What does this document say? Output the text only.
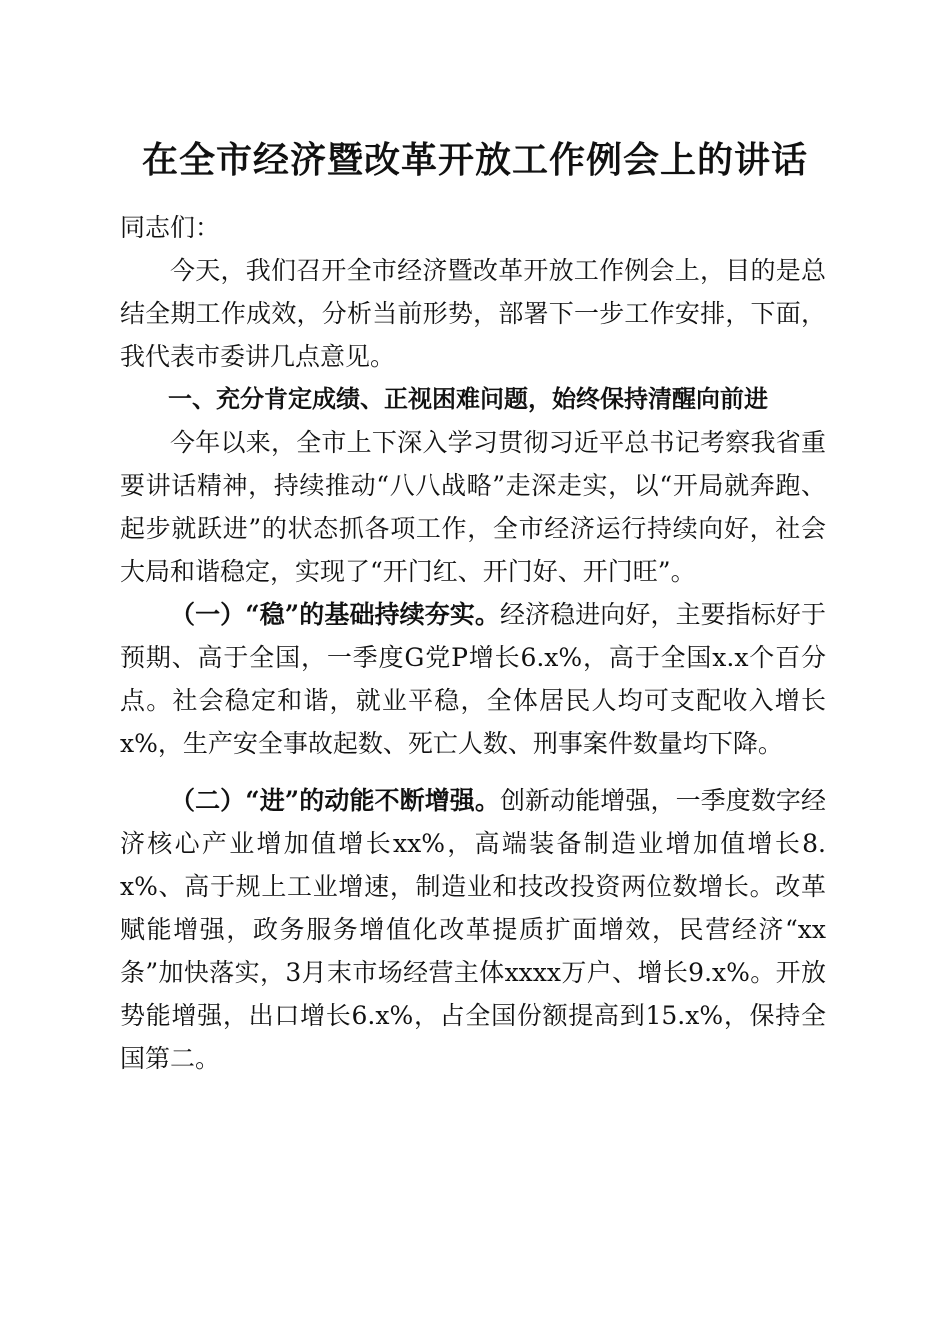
在全市经济暨改革开放工作例会上的讲话

同志们：

今天，我们召开全市经济暨改革开放工作例会上，目的是总结全期工作成效，分析当前形势，部署下一步工作安排，下面，我代表市委讲几点意见。

一、充分肯定成绩、正视困难问题，始终保持清醒向前进

今年以来，全市上下深入学习贯彻习近平总书记考察我省重要讲话精神，持续推动“八八战略”走深走实，以“开局就奔跑、起步就跃进”的状态抓各项工作，全市经济运行持续向好，社会大局和谐稳定，实现了“开门红、开门好、开门旺”。

（一）“稳”的基础持续夯实。经济稳进向好，主要指标好于预期、高于全国，一季度G党P增长6.x%，高于全国x.x个百分点。社会稳定和谐，就业平稳，全体居民人均可支配收入增长x%，生产安全事故起数、死亡人数、刑事案件数量均下降。

（二）“进”的动能不断增强。创新动能增强，一季度数字经济核心产业增加值增长xx%，高端装备制造业增加值增长8.x%、高于规上工业增速，制造业和技改投资两位数增长。改革赋能增强，政务服务增值化改革提质扩面增效，民营经济“xx条”加快落实，3月末市场经营主体xxxx万户、增长9.x%。开放势能增强，出口增长6.x%，占全国份额提高到15.x%，保持全国第二。
